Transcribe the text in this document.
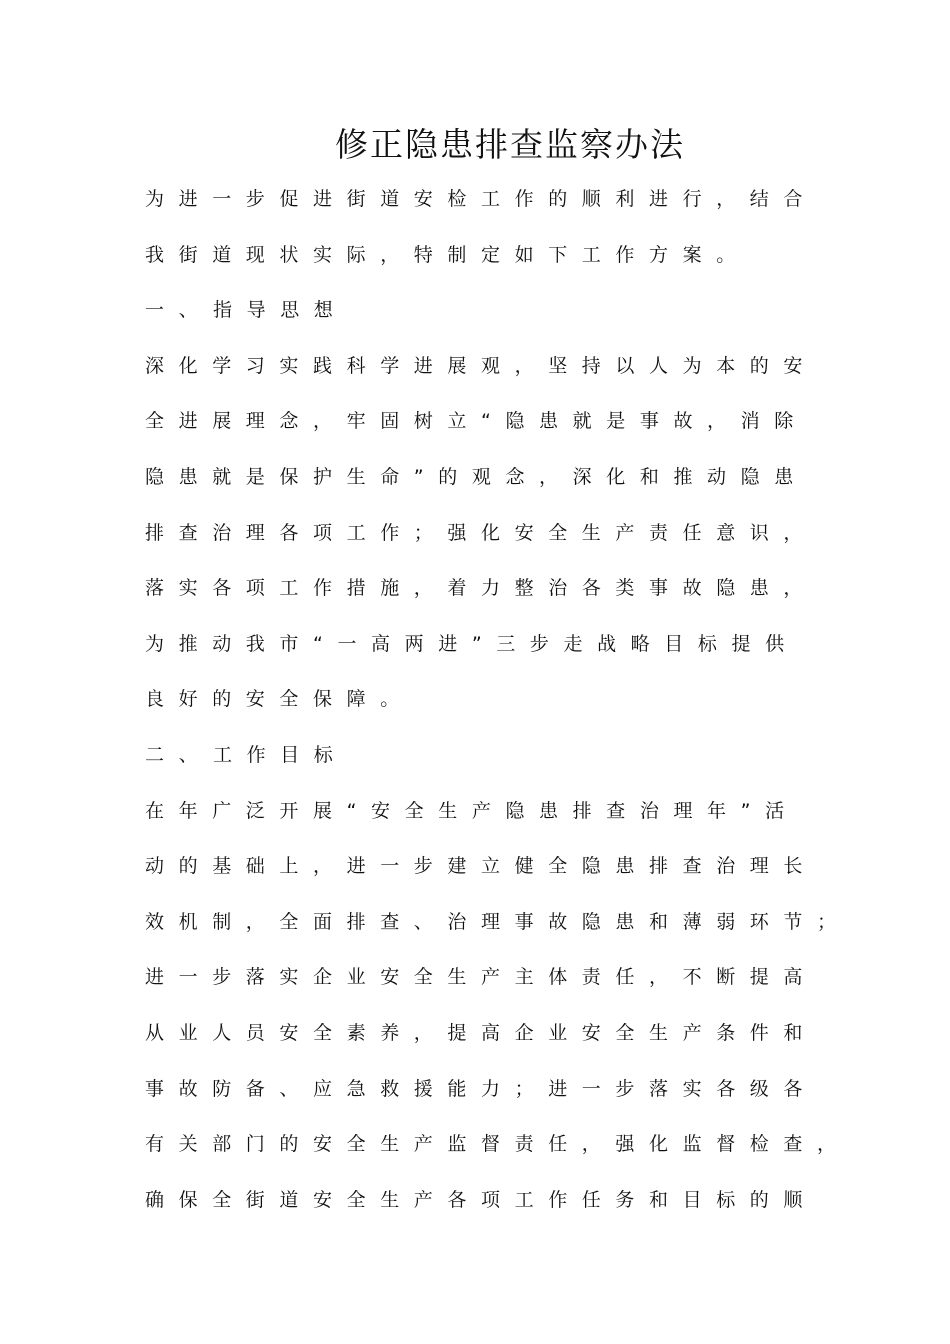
修正隐患排查监察办法
为进一步促进街道安检工作的顺利进行，结合
我街道现状实际，特制定如下工作方案。
一、指导思想
深化学习实践科学进展观，坚持以人为本的安
全进展理念，牢固树立“隐患就是事故，消除
隐患就是保护生命”的观念，深化和推动隐患
排查治理各项工作；强化安全生产责任意识，
落实各项工作措施，着力整治各类事故隐患，
为推动我市“一高两进”三步走战略目标提供
良好的安全保障。
二、工作目标
在年广泛开展“安全生产隐患排查治理年”活
动的基础上，进一步建立健全隐患排查治理长
效机制，全面排查、治理事故隐患和薄弱环节；
进一步落实企业安全生产主体责任，不断提高
从业人员安全素养，提高企业安全生产条件和
事故防备、应急救援能力；进一步落实各级各
有关部门的安全生产监督责任，强化监督检查，
确保全街道安全生产各项工作任务和目标的顺
